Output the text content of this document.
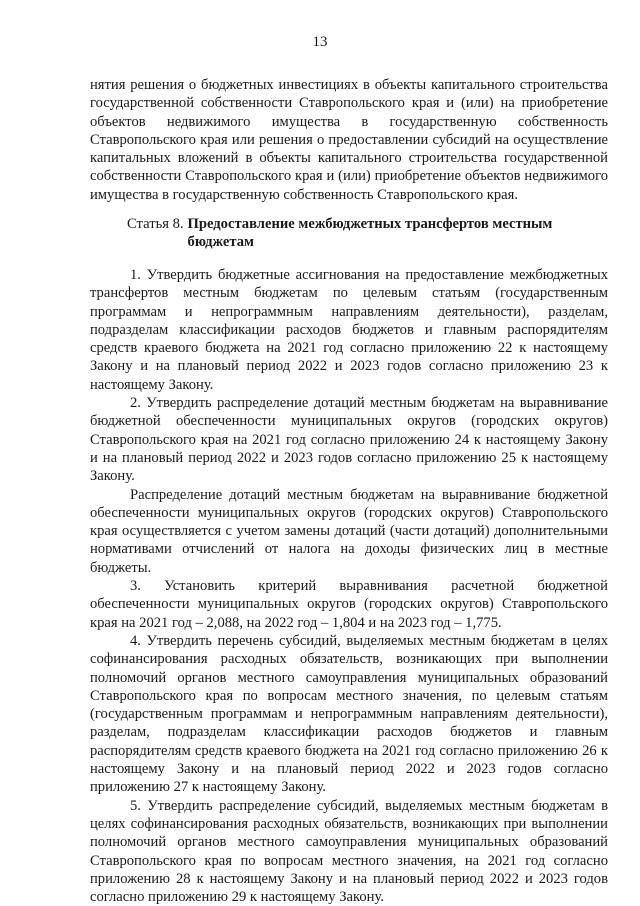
13

нятия решения о бюджетных инвестициях в объекты капитального строительства государственной собственности Ставропольского края и (или) на приобретение объектов недвижимого имущества в государственную собственность Ставропольского края или решения о предоставлении субсидий на осуществление капитальных вложений в объекты капитального строительства государственной собственности Ставропольского края и (или) приобретение объектов недвижимого имущества в государственную собственность Ставропольского края.

Статья 8. Предоставление межбюджетных трансфертов местным бюджетам

1. Утвердить бюджетные ассигнования на предоставление межбюджетных трансфертов местным бюджетам по целевым статьям (государственным программам и непрограммным направлениям деятельности), разделам, подразделам классификации расходов бюджетов и главным распорядителям средств краевого бюджета на 2021 год согласно приложению 22 к настоящему Закону и на плановый период 2022 и 2023 годов согласно приложению 23 к настоящему Закону.

2. Утвердить распределение дотаций местным бюджетам на выравнивание бюджетной обеспеченности муниципальных округов (городских округов) Ставропольского края на 2021 год согласно приложению 24 к настоящему Закону и на плановый период 2022 и 2023 годов согласно приложению 25 к настоящему Закону.

Распределение дотаций местным бюджетам на выравнивание бюджетной обеспеченности муниципальных округов (городских округов) Ставропольского края осуществляется с учетом замены дотаций (части дотаций) дополнительными нормативами отчислений от налога на доходы физических лиц в местные бюджеты.

3. Установить критерий выравнивания расчетной бюджетной обеспеченности муниципальных округов (городских округов) Ставропольского края на 2021 год – 2,088, на 2022 год – 1,804 и на 2023 год – 1,775.

4. Утвердить перечень субсидий, выделяемых местным бюджетам в целях софинансирования расходных обязательств, возникающих при выполнении полномочий органов местного самоуправления муниципальных образований Ставропольского края по вопросам местного значения, по целевым статьям (государственным программам и непрограммным направлениям деятельности), разделам, подразделам классификации расходов бюджетов и главным распорядителям средств краевого бюджета на 2021 год согласно приложению 26 к настоящему Закону и на плановый период 2022 и 2023 годов согласно приложению 27 к настоящему Закону.

5. Утвердить распределение субсидий, выделяемых местным бюджетам в целях софинансирования расходных обязательств, возникающих при выполнении полномочий органов местного самоуправления муниципальных образований Ставропольского края по вопросам местного значения, на 2021 год согласно приложению 28 к настоящему Закону и на плановый период 2022 и 2023 годов согласно приложению 29 к настоящему Закону.
